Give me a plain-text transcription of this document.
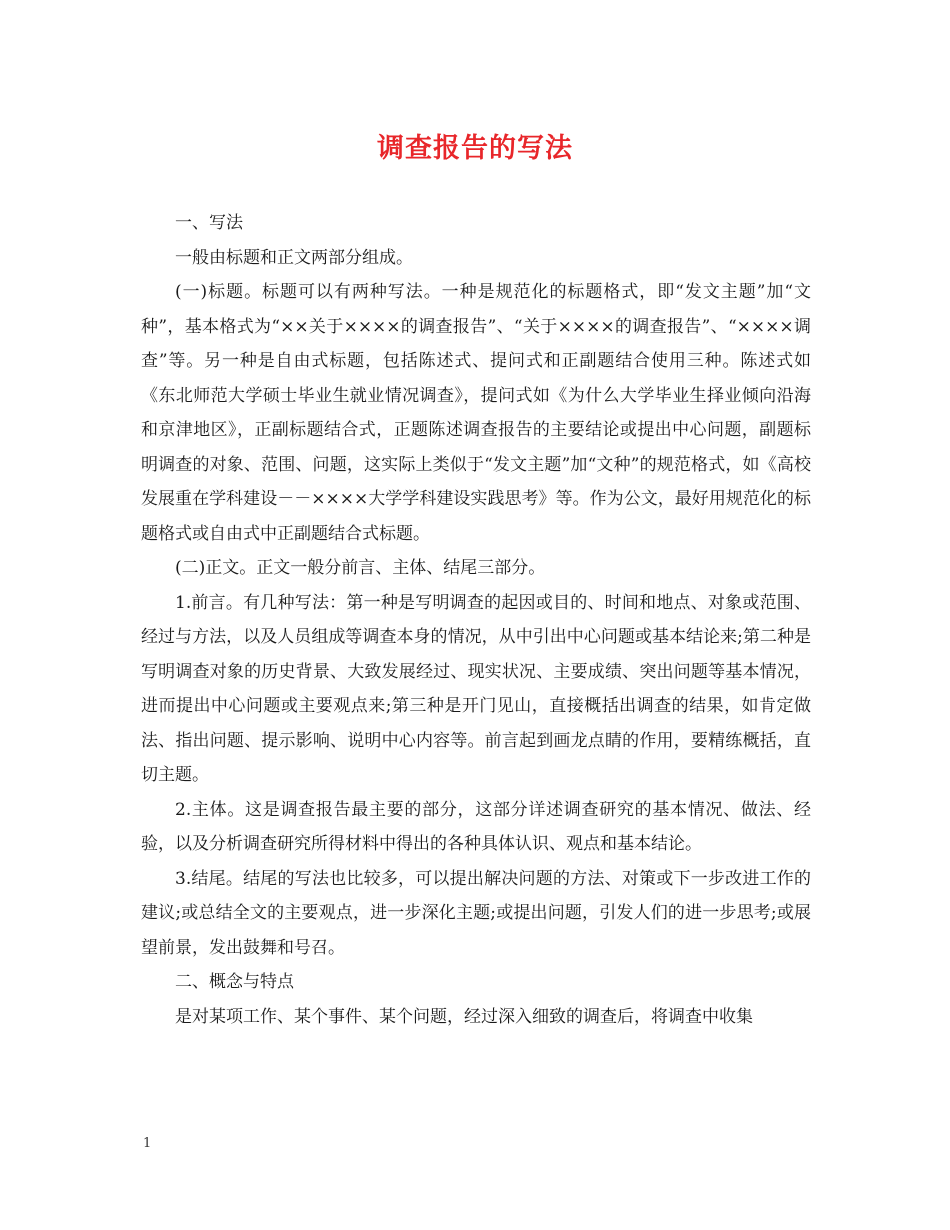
调查报告的写法

一、写法

一般由标题和正文两部分组成。

(一)标题。标题可以有两种写法。一种是规范化的标题格式，即“发文主题”加“文种”，基本格式为“××关于××××的调查报告”、“关于××××的调查报告”、“××××调查”等。另一种是自由式标题，包括陈述式、提问式和正副题结合使用三种。陈述式如《东北师范大学硕士毕业生就业情况调查》，提问式如《为什么大学毕业生择业倾向沿海和京津地区》，正副标题结合式，正题陈述调查报告的主要结论或提出中心问题，副题标明调查的对象、范围、问题，这实际上类似于“发文主题”加“文种”的规范格式，如《高校发展重在学科建设－－××××大学学科建设实践思考》等。作为公文，最好用规范化的标题格式或自由式中正副题结合式标题。

(二)正文。正文一般分前言、主体、结尾三部分。

1.前言。有几种写法：第一种是写明调查的起因或目的、时间和地点、对象或范围、经过与方法，以及人员组成等调查本身的情况，从中引出中心问题或基本结论来;第二种是写明调查对象的历史背景、大致发展经过、现实状况、主要成绩、突出问题等基本情况，进而提出中心问题或主要观点来;第三种是开门见山，直接概括出调查的结果，如肯定做法、指出问题、提示影响、说明中心内容等。前言起到画龙点睛的作用，要精练概括，直切主题。

2.主体。这是调查报告最主要的部分，这部分详述调查研究的基本情况、做法、经验，以及分析调查研究所得材料中得出的各种具体认识、观点和基本结论。

3.结尾。结尾的写法也比较多，可以提出解决问题的方法、对策或下一步改进工作的建议;或总结全文的主要观点，进一步深化主题;或提出问题，引发人们的进一步思考;或展望前景，发出鼓舞和号召。

二、概念与特点

是对某项工作、某个事件、某个问题，经过深入细致的调查后，将调查中收集

1
